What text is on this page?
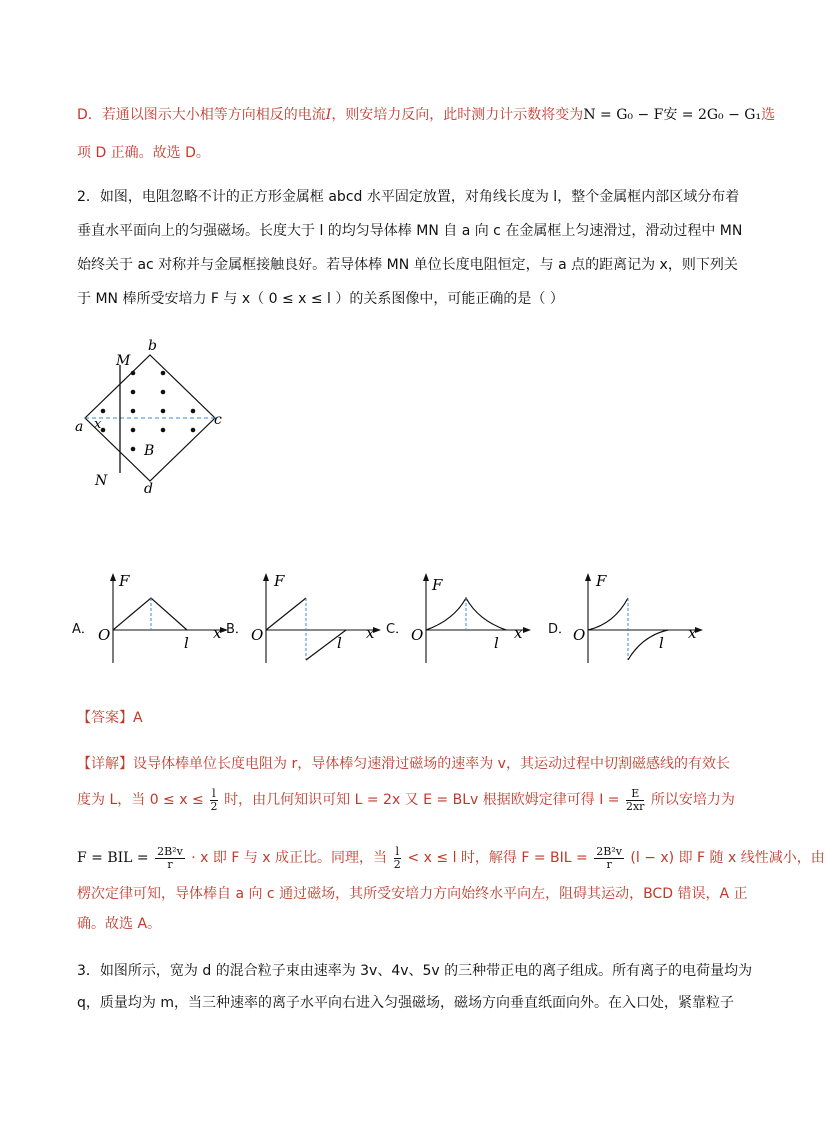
D．若通以图示大小相等方向相反的电流I，则安培力反向，此时测力计示数将变为N = G₀ − F安 = 2G₀ − G₁选
项 D 正确。故选 D。
2．如图，电阻忽略不计的正方形金属框 abcd 水平固定放置，对角线长度为 l，整个金属框内部区域分布着
垂直水平面向上的匀强磁场。长度大于 l 的均匀导体棒 MN 自 a 向 c 在金属框上匀速滑过，滑动过程中 MN
始终关于 ac 对称并与金属框接触良好。若导体棒 MN 单位长度电阻恒定，与 a 点的距离记为 x，则下列关
于 MN 棒所受安培力 F 与 x（ 0 ≤ x ≤ l ）的关系图像中，可能正确的是（ ）
b
M
a x	c
B
N	d
A．
F
O	x
l
B．
F
O	x
l
C．
F
O	x
l
D．
F
O	x
l
【答案】A
【详解】设导体棒单位长度电阻为 r，导体棒匀速滑过磁场的速率为 v，其运动过程中切割磁感线的有效长
度为 L，当 $0 \le x \le \frac{l}{2}$ 时，由几何知识可知 L = 2x 又 E = BLv 根据欧姆定律可得 $I = \frac{E}{2xr}$ 所以安培力为
F = BIL = $\frac{\text{2B²v}}{r} \cdot x$ 即 F 与 x 成正比。同理，当 $\frac{l}{2} < x \le l$ 时，解得 F = BIL = $\frac{\text{2B²v}}{r} (l - x)$ 即 F 随 x 线性减小，由
楞次定律可知，导体棒自 a 向 c 通过磁场，其所受安培力方向始终水平向左，阻碍其运动，BCD 错误，A 正
确。故选 A。
3．如图所示，宽为 d 的混合粒子束由速率为 3v、4v、5v 的三种带正电的离子组成。所有离子的电荷量均为
q，质量均为 m，当三种速率的离子水平向右进入匀强磁场，磁场方向垂直纸面向外。在入口处，紧靠粒子
